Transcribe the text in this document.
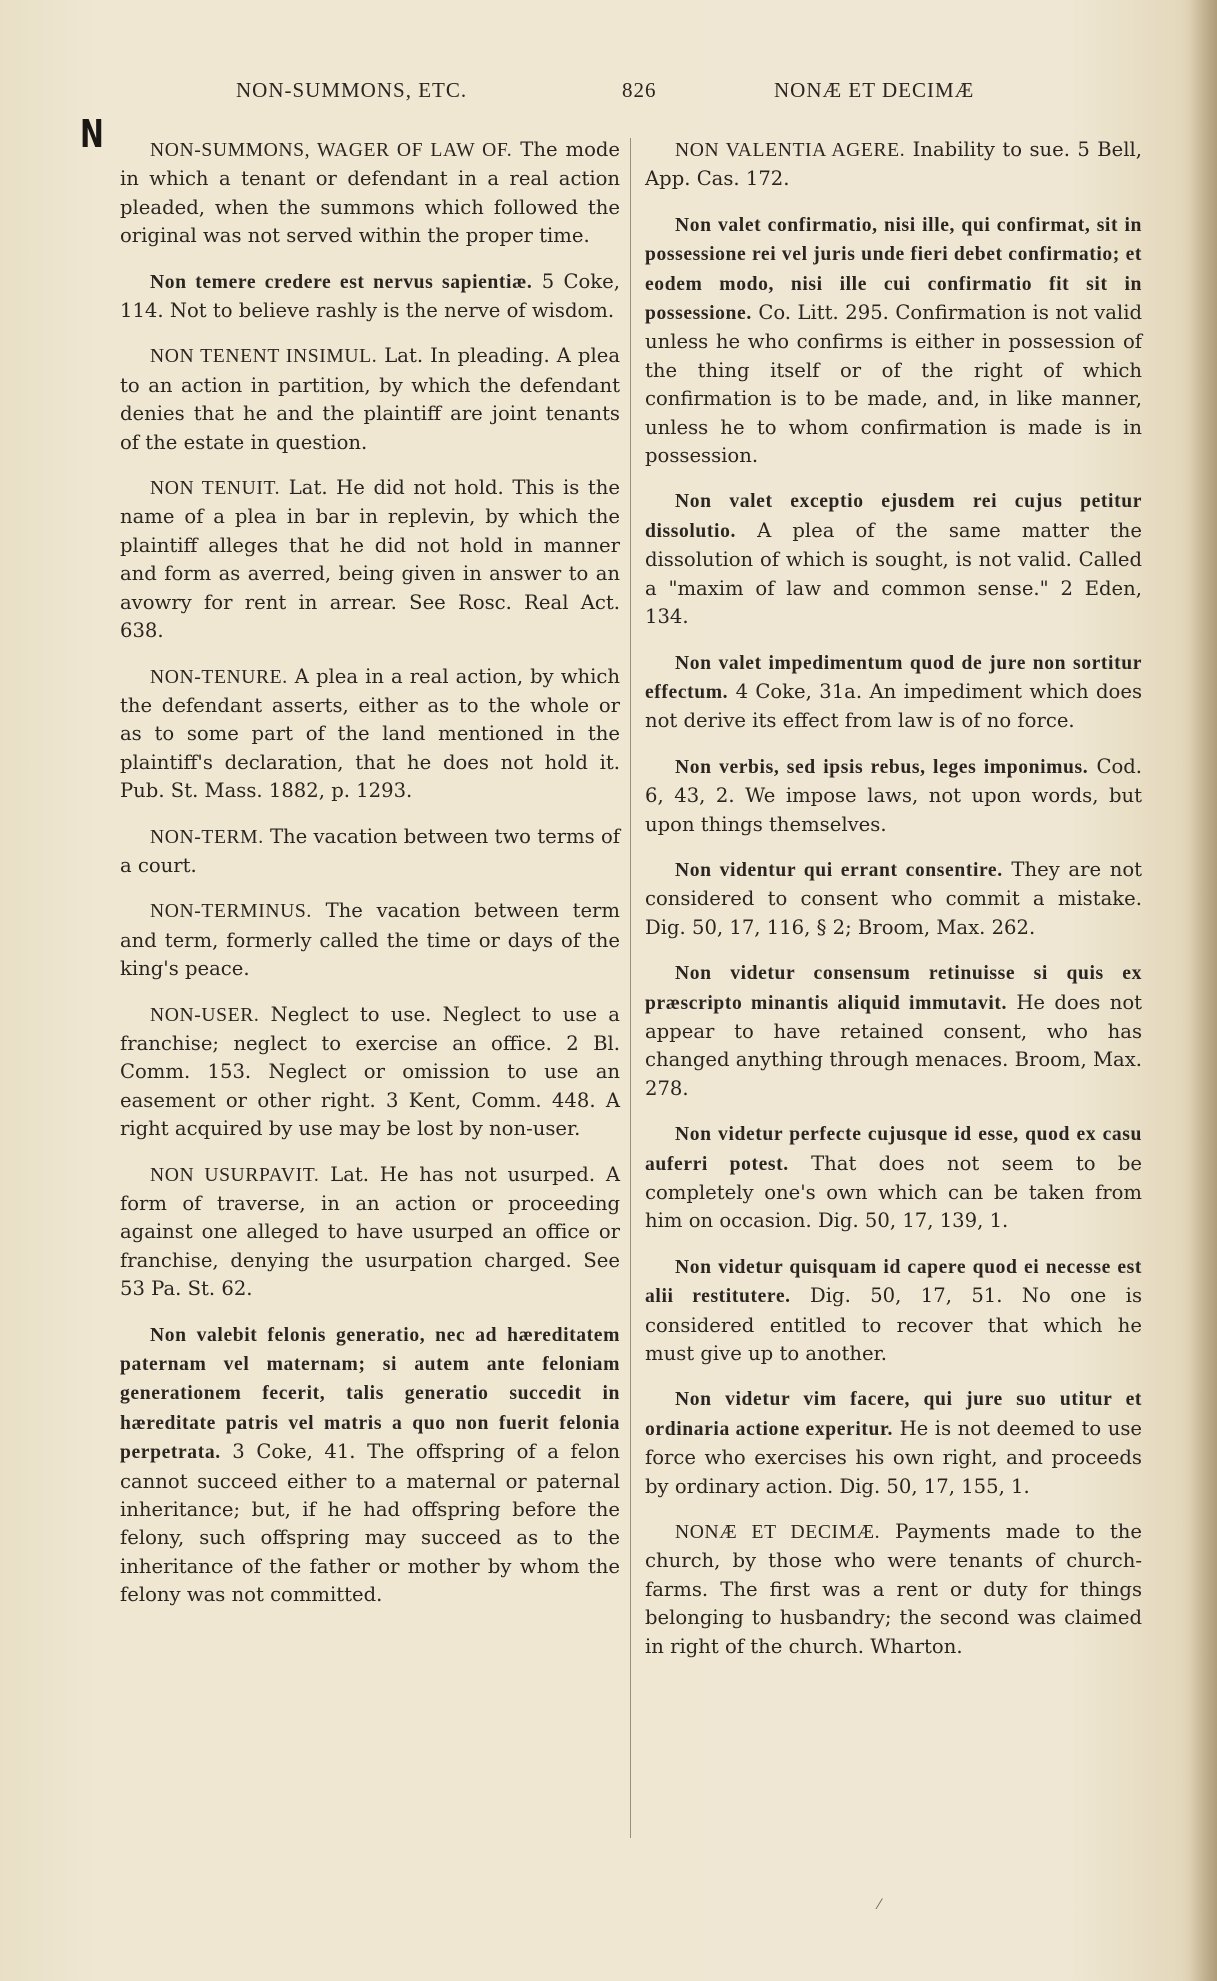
NON-SUMMONS, ETC.	826	NONÆ ET DECIMÆ
N	NON-SUMMONS, WAGER OF LAW OF. The mode in which a tenant or defendant in a real action pleaded, when the summons which followed the original was not served within the proper time.

Non temere credere est nervus sapientiæ. 5 Coke, 114. Not to believe rashly is the nerve of wisdom.

NON TENENT INSIMUL. Lat. In pleading. A plea to an action in partition, by which the defendant denies that he and the plaintiff are joint tenants of the estate in question.

NON TENUIT. Lat. He did not hold. This is the name of a plea in bar in replevin, by which the plaintiff alleges that he did not hold in manner and form as averred, being given in answer to an avowry for rent in arrear. See Rosc. Real Act. 638.

NON-TENURE. A plea in a real action, by which the defendant asserts, either as to the whole or as to some part of the land mentioned in the plaintiff's declaration, that he does not hold it. Pub. St. Mass. 1882, p. 1293.

NON-TERM. The vacation between two terms of a court.

NON-TERMINUS. The vacation between term and term, formerly called the time or days of the king's peace.

NON-USER. Neglect to use. Neglect to use a franchise; neglect to exercise an office. 2 Bl. Comm. 153. Neglect or omission to use an easement or other right. 3 Kent, Comm. 448. A right acquired by use may be lost by non-user.

NON USURPAVIT. Lat. He has not usurped. A form of traverse, in an action or proceeding against one alleged to have usurped an office or franchise, denying the usurpation charged. See 53 Pa. St. 62.

Non valebit felonis generatio, nec ad hæreditatem paternam vel maternam; si autem ante feloniam generationem fecerit, talis generatio succedit in hæreditate patris vel matris a quo non fuerit felonia perpetrata. 3 Coke, 41. The offspring of a felon cannot succeed either to a maternal or paternal inheritance; but, if he had offspring before the felony, such offspring may succeed as to the inheritance of the father or mother by whom the felony was not committed.

NON VALENTIA AGERE. Inability to sue. 5 Bell, App. Cas. 172.

Non valet confirmatio, nisi ille, qui confirmat, sit in possessione rei vel juris unde fieri debet confirmatio; et eodem modo, nisi ille cui confirmatio fit sit in possessione. Co. Litt. 295. Confirmation is not valid unless he who confirms is either in possession of the thing itself or of the right of which confirmation is to be made, and, in like manner, unless he to whom confirmation is made is in possession.

Non valet exceptio ejusdem rei cujus petitur dissolutio. A plea of the same matter the dissolution of which is sought, is not valid. Called a "maxim of law and common sense." 2 Eden, 134.

Non valet impedimentum quod de jure non sortitur effectum. 4 Coke, 31a. An impediment which does not derive its effect from law is of no force.

Non verbis, sed ipsis rebus, leges imponimus. Cod. 6, 43, 2. We impose laws, not upon words, but upon things themselves.

Non videntur qui errant consentire. They are not considered to consent who commit a mistake. Dig. 50, 17, 116, § 2; Broom, Max. 262.

Non videtur consensum retinuisse si quis ex præscripto minantis aliquid immutavit. He does not appear to have retained consent, who has changed anything through menaces. Broom, Max. 278.

Non videtur perfecte cujusque id esse, quod ex casu auferri potest. That does not seem to be completely one's own which can be taken from him on occasion. Dig. 50, 17, 139, 1.

Non videtur quisquam id capere quod ei necesse est alii restitutere. Dig. 50, 17, 51. No one is considered entitled to recover that which he must give up to another.

Non videtur vim facere, qui jure suo utitur et ordinaria actione experitur. He is not deemed to use force who exercises his own right, and proceeds by ordinary action. Dig. 50, 17, 155, 1.

NONÆ ET DECIMÆ. Payments made to the church, by those who were tenants of church-farms. The first was a rent or duty for things belonging to husbandry; the second was claimed in right of the church. Wharton.

⁄
